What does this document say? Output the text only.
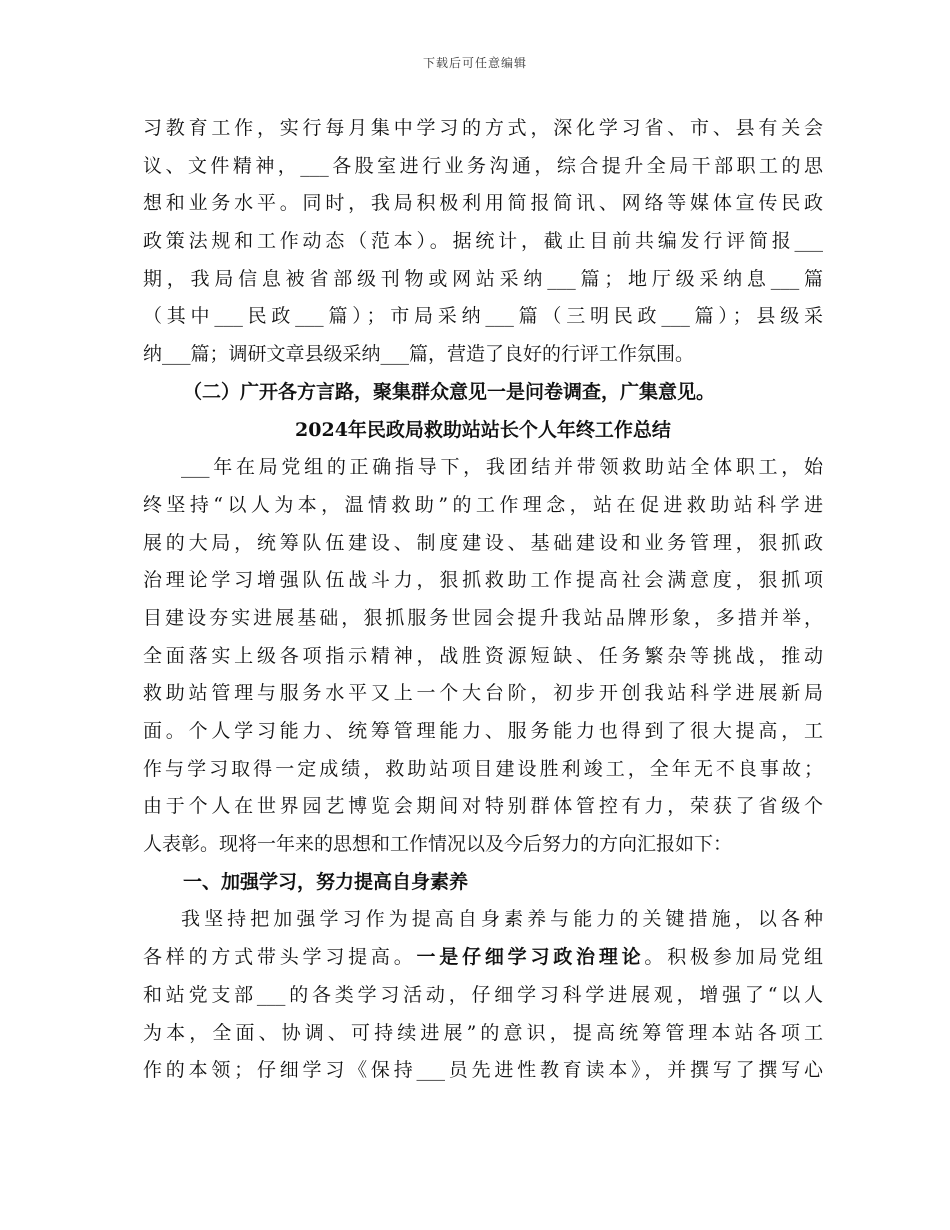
下载后可任意编辑
习教育工作，实行每月集中学习的方式，深化学习省、市、县有关会
议、文件精神，___各股室进行业务沟通，综合提升全局干部职工的思
想和业务水平。同时，我局积极利用简报简讯、网络等媒体宣传民政
政策法规和工作动态（范本）。据统计，截止目前共编发行评简报___
期，我局信息被省部级刊物或网站采纳___篇；地厅级采纳息___篇
（其中___民政___篇）；市局采纳___篇（三明民政___篇）；县级采
纳___篇；调研文章县级采纳___篇，营造了良好的行评工作氛围。
（二）广开各方言路，聚集群众意见一是问卷调查，广集意见。
2024年民政局救助站站长个人年终工作总结
___年在局党组的正确指导下，我团结并带领救助站全体职工，始
终坚持“以人为本，温情救助”的工作理念，站在促进救助站科学进
展的大局，统筹队伍建设、制度建设、基础建设和业务管理，狠抓政
治理论学习增强队伍战斗力，狠抓救助工作提高社会满意度，狠抓项
目建设夯实进展基础，狠抓服务世园会提升我站品牌形象，多措并举，
全面落实上级各项指示精神，战胜资源短缺、任务繁杂等挑战，推动
救助站管理与服务水平又上一个大台阶，初步开创我站科学进展新局
面。个人学习能力、统筹管理能力、服务能力也得到了很大提高，工
作与学习取得一定成绩，救助站项目建设胜利竣工，全年无不良事故；
由于个人在世界园艺博览会期间对特别群体管控有力，荣获了省级个
人表彰。现将一年来的思想和工作情况以及今后努力的方向汇报如下：
一、加强学习，努力提高自身素养
我坚持把加强学习作为提高自身素养与能力的关键措施，以各种
各样的方式带头学习提高。一是仔细学习政治理论。积极参加局党组
和站党支部___的各类学习活动，仔细学习科学进展观，增强了“以人
为本，全面、协调、可持续进展”的意识，提高统筹管理本站各项工
作的本领；仔细学习《保持___员先进性教育读本》，并撰写了撰写心
